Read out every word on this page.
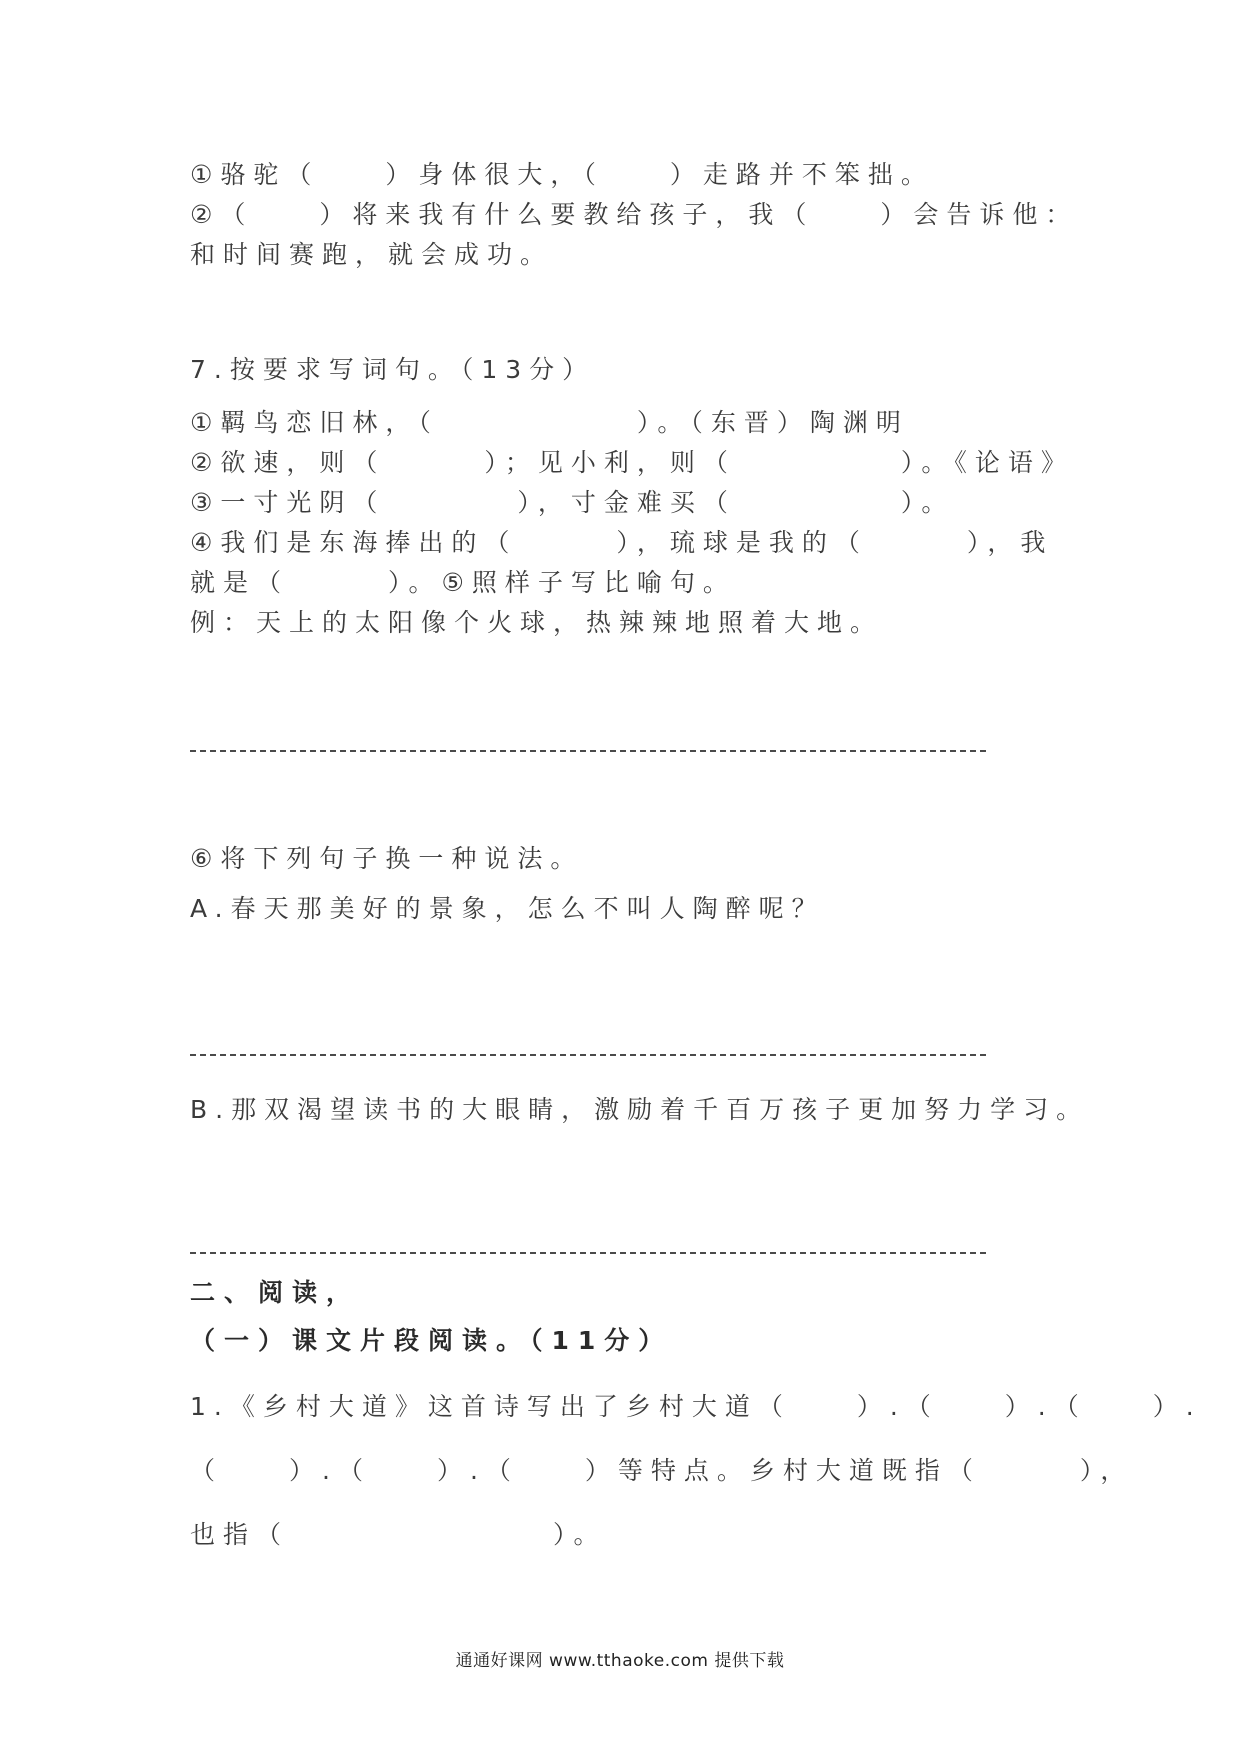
①骆驼（　　）身体很大，（　　）走路并不笨拙。
②（　　）将来我有什么要教给孩子，我（　　）会告诉他：
和时间赛跑，就会成功。
7.按要求写词句。（13分）
①羁鸟恋旧林，（　　　　　　）。（东晋）陶渊明
②欲速，则（　　　）；见小利，则（　　　　　）。《论语》
③一寸光阴（　　　　），寸金难买（　　　　　）。
④我们是东海捧出的（　　　），琉球是我的（　　　），我
就是（　　　）。⑤照样子写比喻句。
例：天上的太阳像个火球，热辣辣地照着大地。
⑥将下列句子换一种说法。
A.春天那美好的景象，怎么不叫人陶醉呢？
B.那双渴望读书的大眼睛，激励着千百万孩子更加努力学习。
二、阅读，
（一）课文片段阅读。（11分）
1.《乡村大道》这首诗写出了乡村大道（　　）.（　　）.（　　）.
（　　）.（　　）.（　　）等特点。乡村大道既指（　　　），
也指（　　　　　　　　）。
通通好课网 www.tthaoke.com 提供下载
